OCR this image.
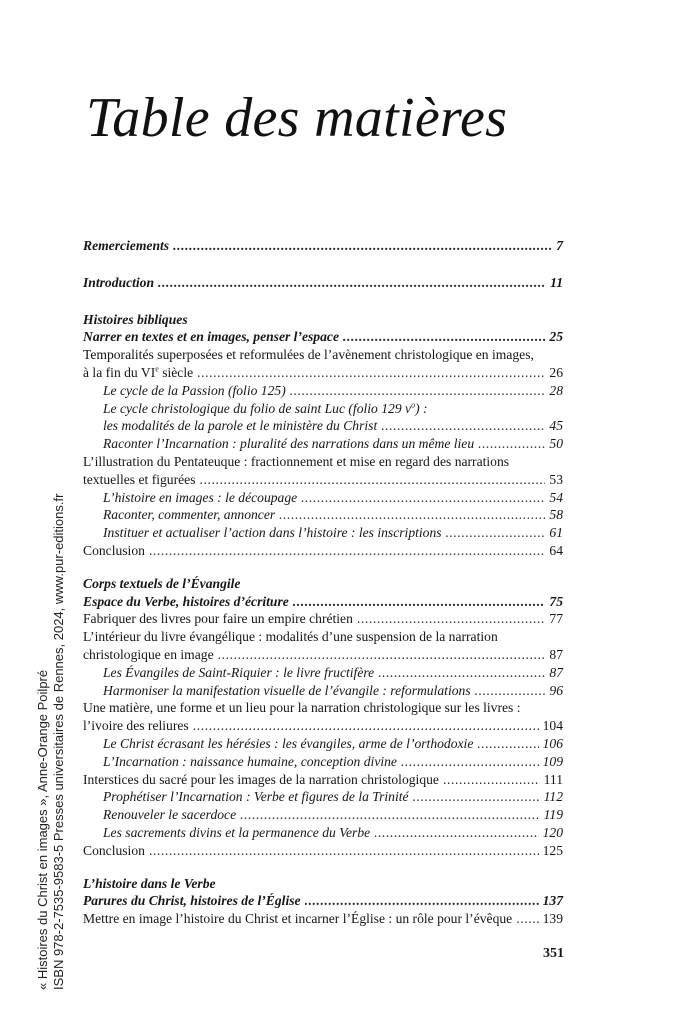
Table des matières
« Histoires du Christ en images », Anne-Orange Poilpré ISBN 978-2-7535-9583-5 Presses universitaires de Rennes, 2024, www.pur-editions.fr
Remerciements .....	7
Introduction .....	11
Histoires bibliques
Narrer en textes et en images, penser l’espace .....	25
Temporalités superposées et reformulées de l’avènement christologique en images,
à la fin du VIe siècle .....	26
Le cycle de la Passion (folio 125) .....	28
Le cycle christologique du folio de saint Luc (folio 129 $v^o$) :
les modalités de la parole et le ministère du Christ .....	45
Raconter l’Incarnation : pluralité des narrations dans un même lieu .....	50
L’illustration du Pentateuque : fractionnement et mise en regard des narrations
textuelles et figurées .....	53
L’histoire en images : le découpage .....	54
Raconter, commenter, annoncer .....	58
Instituer et actualiser l’action dans l’histoire : les inscriptions .....	61
Conclusion .....	64
Corps textuels de l’Évangile
Espace du Verbe, histoires d’écriture .....	75
Fabriquer des livres pour faire un empire chrétien .....	77
L’intérieur du livre évangélique : modalités d’une suspension de la narration
christologique en image .....	87
Les Évangiles de Saint-Riquier : le livre fructifère .....	87
Harmoniser la manifestation visuelle de l’évangile : reformulations .....	96
Une matière, une forme et un lieu pour la narration christologique sur les livres :
l’ivoire des reliures .....	104
Le Christ écrasant les hérésies : les évangiles, arme de l’orthodoxie .....	106
L’Incarnation : naissance humaine, conception divine .....	109
Interstices du sacré pour les images de la narration christologique .....	111
Prophétiser l’Incarnation : Verbe et figures de la Trinité .....	112
Renouveler le sacerdoce .....	119
Les sacrements divins et la permanence du Verbe .....	120
Conclusion .....	125
L’histoire dans le Verbe
Parures du Christ, histoires de l’Église .....	137
Mettre en image l’histoire du Christ et incarner l’Église : un rôle pour l’évêque ..... 139
351
